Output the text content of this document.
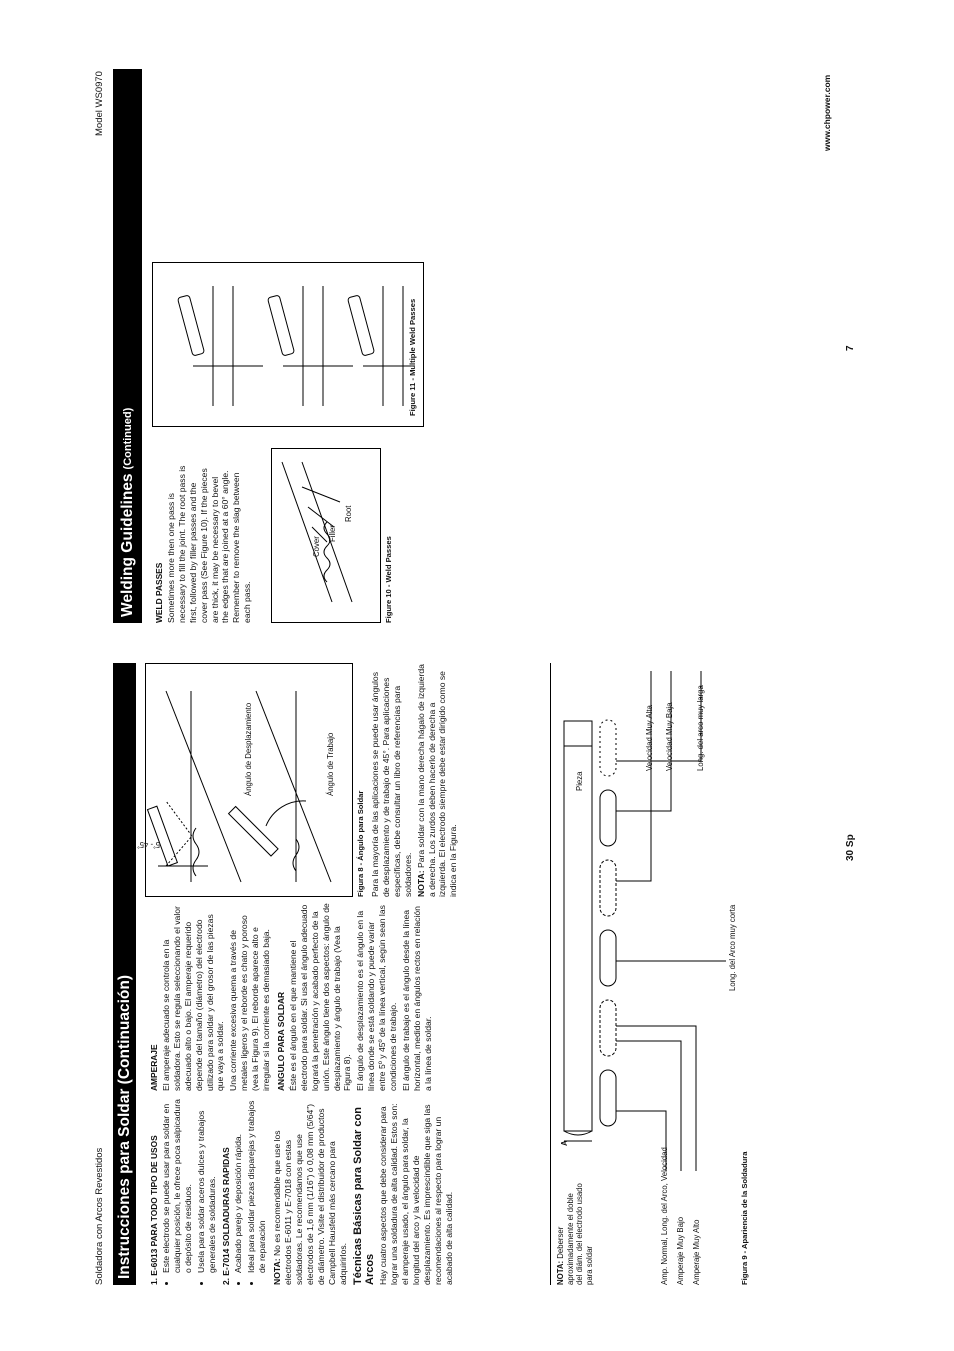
Soldadora con Arcos Revestidos Instrucciones para Soldar (Continuación) 1. E-6013 PARA TODO TIPO DE USOS • Este electrodo se puede usar para soldar en cualquier posición, le ofrece poca salpicadura o depósito de residuos. • Usela para soldar aceros dulces y trabajos generales de soldaduras. 2. E-7014 SOLDADURAS RAPIDAS • Acabado parejo y deposición rápida. • Ideal para soldar piezas disparejas y trabajos de reparación NOTA: No es recomendable que use los electrodos E-6011 y E-7018 con estas soldadoras. Le recomendamos que use electrodos de 1,6 mm (1/16”) ó 0,08 mm (5/64”) de diámetro. Visite el distribuidor de productos Campbell Hausfeld más cercano para adquirirlos. Técnicas Básicas para Soldar con Arcos Hay cuatro aspectos que debe considerar para lograr una soldadura de alta calidad. Estos son: el amperaje usado, el ángulo para soldar, la longitud del arco y la velocidad de desplazamiento. Es imprescindible que siga las recomendaciones al respecto para lograr un acabado de alta calidad.

AMPERAJE El amperaje adecuado se controla en la soldadora. Esto se regula seleccionando el valor adecuado alto o bajo. El amperaje requerido depende del tamaño (diámetro) del electrodo utilizado para soldar y del grosor de las piezas que vaya a soldar. Una corriente excesiva quema a través de metales ligeros y el reborde es chato y poroso (vea la Figura 9). El reborde aparece alto e irregular si la corriente es demasiado baja. ANGULO PARA SOLDAR Éste es el ángulo en el que mantiene el electrodo para soldar. Si usa el ángulo adecuado logrará la penetración y acabado perfecto de la unión. Este ángulo tiene dos aspectos: ángulo de desplazamiento y ángulo de trabajo (Vea la Figura 8). El ángulo de desplazamiento es el ángulo en la línea donde se está soldando y puede variar entre 5º y 45º de la línea vertical, según sean las condiciones de trabajo. El ángulo de trabajo es el ángulo desde la línea horizontal, medido en ángulos rectos en relación a la línea de soldar.

5˚- 45˚
Ángulo de Desplazamiento	Ángulo de Trabajo
Figura 8 - Ángulo para Soldar Para la mayoría de las aplicaciones se puede usar ángulos de desplazamiento y de trabajo de 45°. Para aplicaciones específicas, debe consultar un libro de referencias para soldadores. NOTA: Para soldar con la mano derecha hágalo de izquierda a derecha. Los zurdos deben hacerlo de derecha a izquierda. El electrodo siempre debe estar dirigido como se indica en la Figura.

NOTA: Deberser
aproximadamente el doble
del diám. del electrodo usado
para soldar
A
Amp. Normal, Long. del Arco, Velocidad Amperaje Muy Bajo Amperaje Muy Alto
Long. del Arco muy corta
Velocidad Muy Alta Velocidad Muy Baja	Long. del arco muy larga
Pieza
Figura 9 - Apariencia de la Soldadura
30 Sp
Model WS0970
Welding Guidelines
(Continued)
WELD PASSES Sometimes more then one pass is necessary to fill the joint. The root pass is first, followed by filler passes and the cover pass (See Figure 10). If the pieces are thick, it may be necessary to bevel the edges that are joined at a 60° angle. Remember to remove the slag between each pass.

Cover
Filler
Root
Figure 10 - Weld Passes
Figure 11 - Multiple Weld Passes	7
www.chpower.com
